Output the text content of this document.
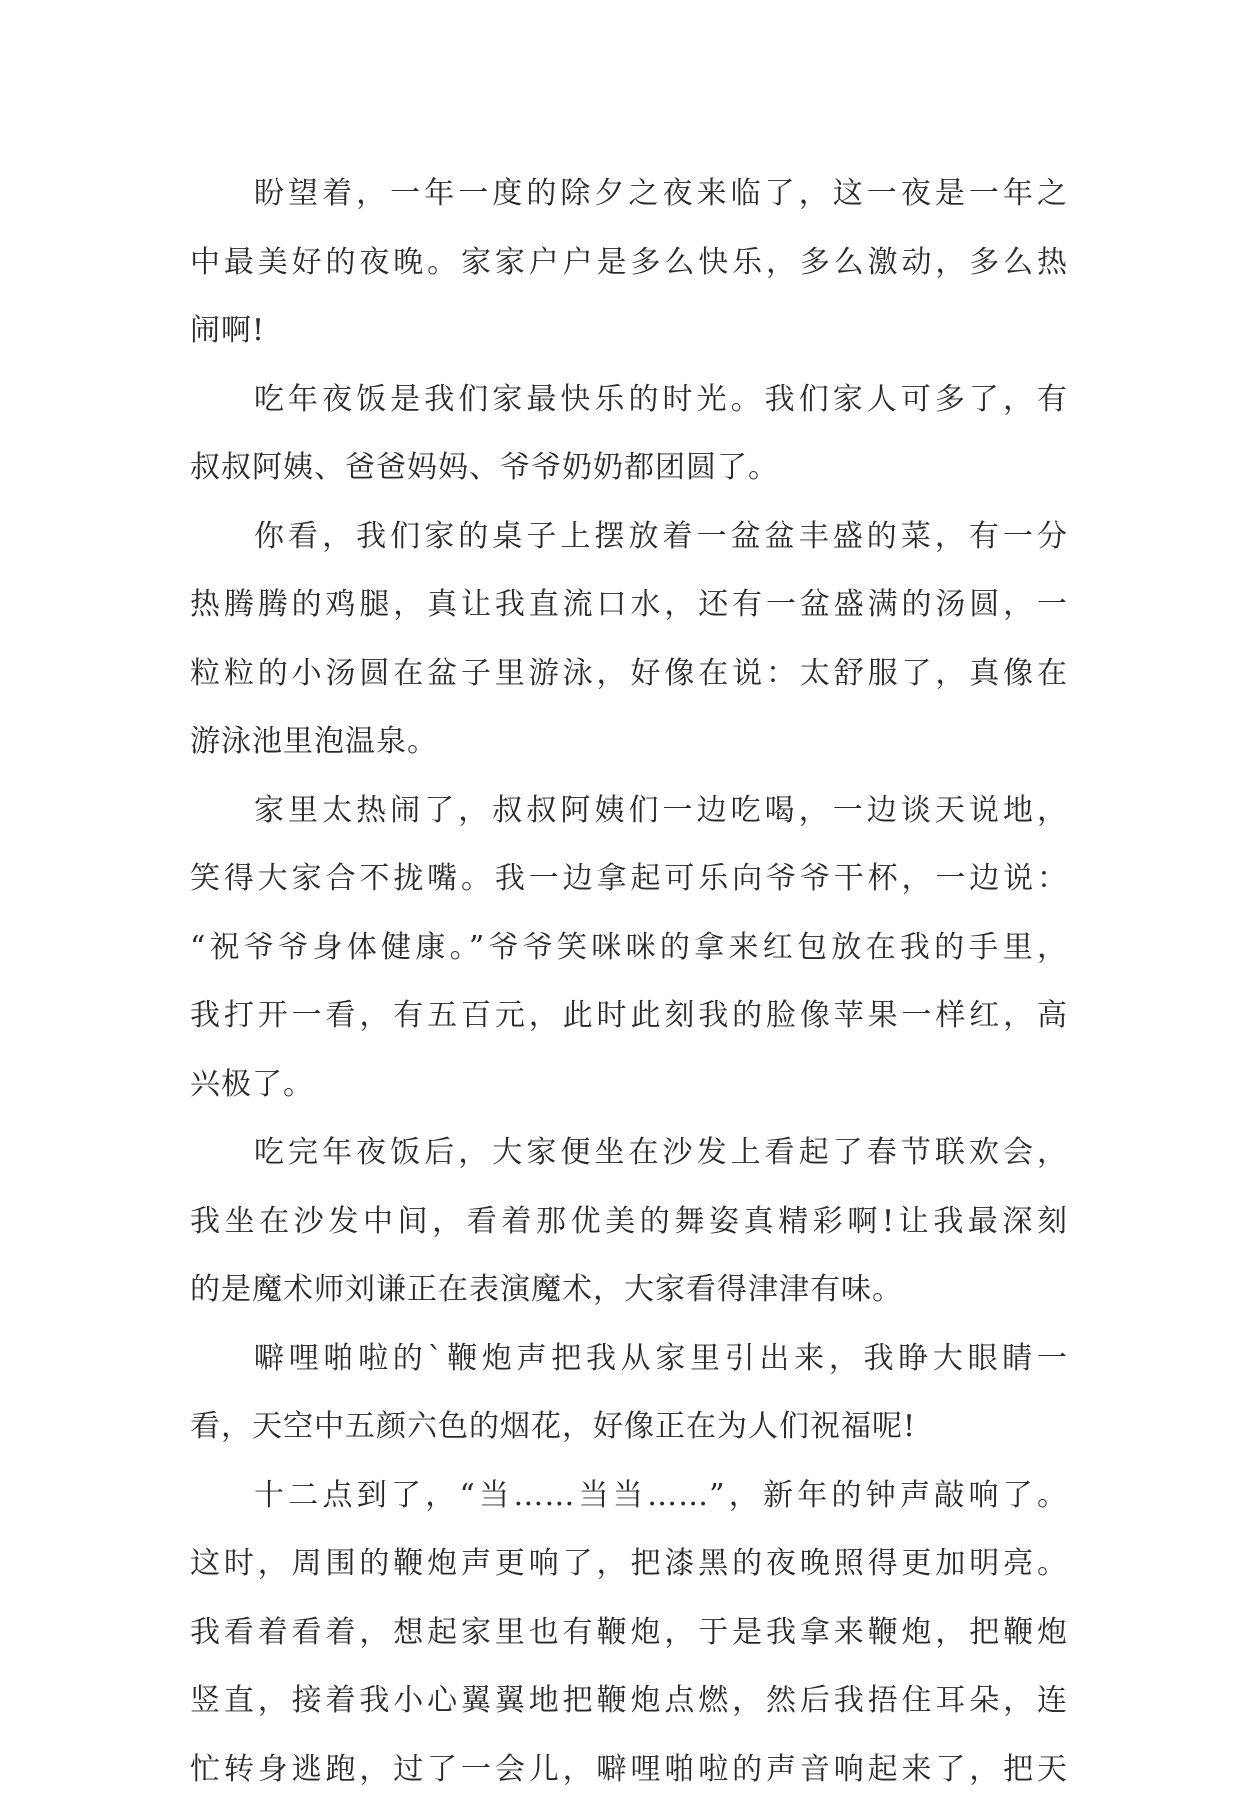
盼望着，一年一度的除夕之夜来临了，这一夜是一年之
中最美好的夜晚。家家户户是多么快乐，多么激动，多么热
闹啊!
吃年夜饭是我们家最快乐的时光。我们家人可多了，有
叔叔阿姨、爸爸妈妈、爷爷奶奶都团圆了。
你看，我们家的桌子上摆放着一盆盆丰盛的菜，有一分
热腾腾的鸡腿，真让我直流口水，还有一盆盛满的汤圆，一
粒粒的小汤圆在盆子里游泳，好像在说：太舒服了，真像在
游泳池里泡温泉。
家里太热闹了，叔叔阿姨们一边吃喝，一边谈天说地，
笑得大家合不拢嘴。我一边拿起可乐向爷爷干杯，一边说：
“祝爷爷身体健康。”爷爷笑咪咪的拿来红包放在我的手里，
我打开一看，有五百元，此时此刻我的脸像苹果一样红，高
兴极了。
吃完年夜饭后，大家便坐在沙发上看起了春节联欢会，
我坐在沙发中间，看着那优美的舞姿真精彩啊!让我最深刻
的是魔术师刘谦正在表演魔术，大家看得津津有味。
噼哩啪啦的`鞭炮声把我从家里引出来，我睁大眼睛一
看，天空中五颜六色的烟花，好像正在为人们祝福呢!
十二点到了，“当……当当……”，新年的钟声敲响了。
这时，周围的鞭炮声更响了，把漆黑的夜晚照得更加明亮。
我看着看着，想起家里也有鞭炮，于是我拿来鞭炮，把鞭炮
竖直，接着我小心翼翼地把鞭炮点燃，然后我捂住耳朵，连
忙转身逃跑，过了一会儿，噼哩啪啦的声音响起来了，把天
